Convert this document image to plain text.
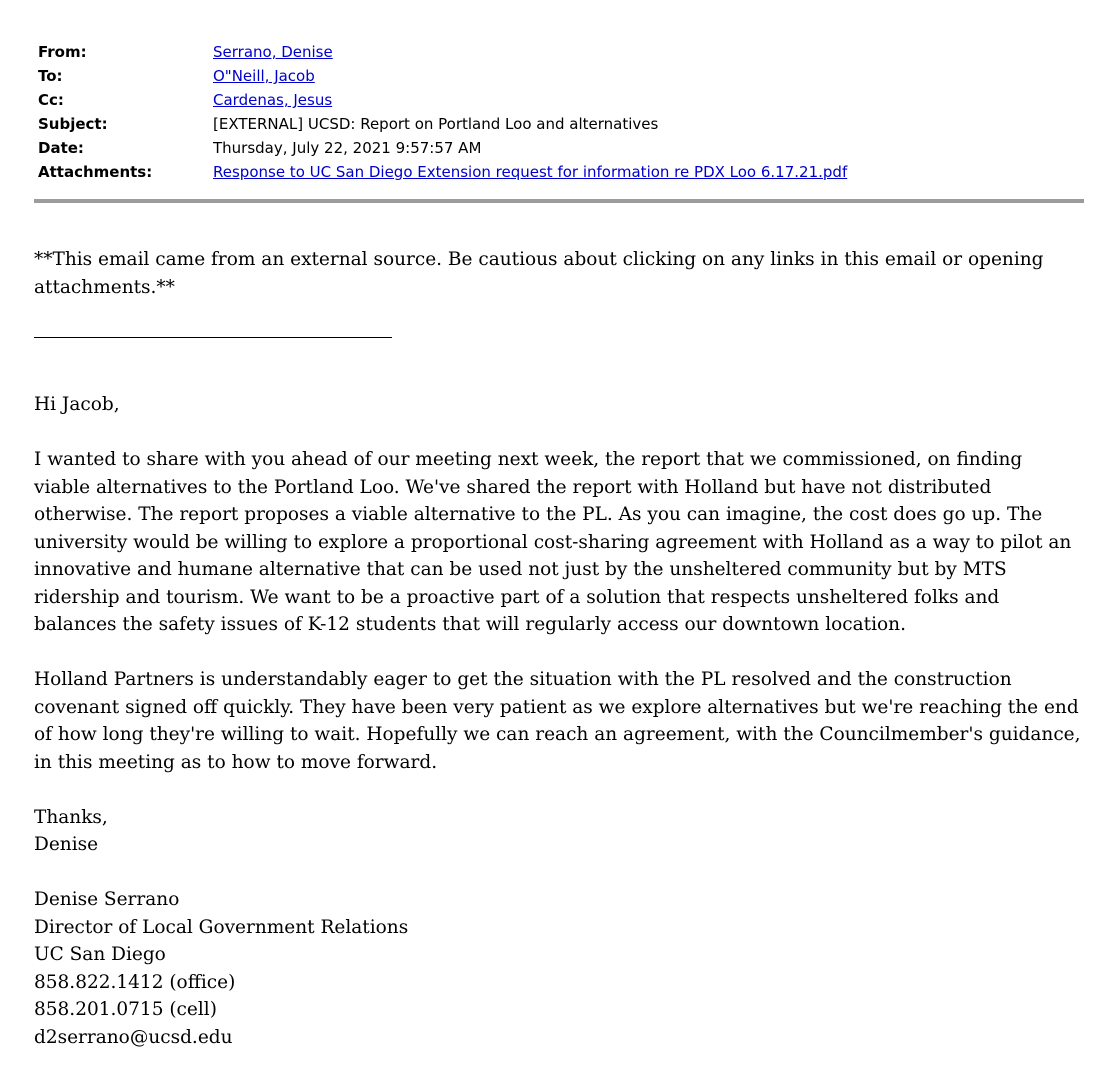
From:	Serrano, Denise
To:	O"Neill, Jacob
Cc:	Cardenas, Jesus
Subject:	[EXTERNAL] UCSD: Report on Portland Loo and alternatives
Date:	Thursday, July 22, 2021 9:57:57 AM
Attachments:	Response to UC San Diego Extension request for information re PDX Loo 6.17.21.pdf

**This email came from an external source. Be cautious about clicking on any links in this email or opening attachments.**

Hi Jacob,

I wanted to share with you ahead of our meeting next week, the report that we commissioned, on finding viable alternatives to the Portland Loo. We've shared the report with Holland but have not distributed otherwise. The report proposes a viable alternative to the PL. As you can imagine, the cost does go up. The university would be willing to explore a proportional cost-sharing agreement with Holland as a way to pilot an innovative and humane alternative that can be used not just by the unsheltered community but by MTS ridership and tourism. We want to be a proactive part of a solution that respects unsheltered folks and balances the safety issues of K-12 students that will regularly access our downtown location.

Holland Partners is understandably eager to get the situation with the PL resolved and the construction covenant signed off quickly. They have been very patient as we explore alternatives but we're reaching the end of how long they're willing to wait. Hopefully we can reach an agreement, with the Councilmember's guidance, in this meeting as to how to move forward.

Thanks,

Denise

Denise Serrano

Director of Local Government Relations

UC San Diego

858.822.1412 (office)

858.201.0715 (cell)

d2serrano@ucsd.edu
